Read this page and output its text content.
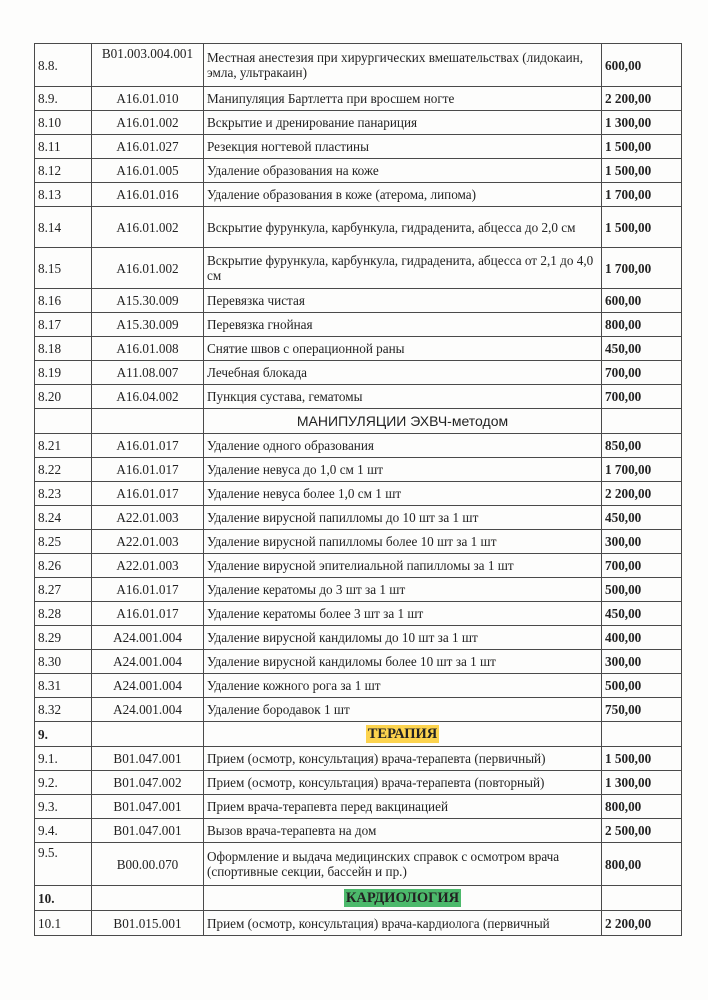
8.8.	B01.003.004.001	Местная анестезия при хирургических вмешательствах (лидокаин, эмла, ультракаин)	600,00
8.9.	A16.01.010	Манипуляция Бартлетта при вросшем ногте	2 200,00
8.10	A16.01.002	Вскрытие и дренирование панариция	1 300,00
8.11	A16.01.027	Резекция ногтевой пластины	1 500,00
8.12	A16.01.005	Удаление образования на коже	1 500,00
8.13	A16.01.016	Удаление образования в коже (атерома, липома)	1 700,00
8.14	A16.01.002	Вскрытие фурункула, карбункула, гидраденита, абцесса до 2,0 см	1 500,00
8.15	A16.01.002	Вскрытие фурункула, карбункула, гидраденита, абцесса от 2,1 до 4,0 см	1 700,00
8.16	A15.30.009	Перевязка чистая	600,00
8.17	A15.30.009	Перевязка гнойная	800,00
8.18	A16.01.008	Снятие швов с операционной раны	450,00
8.19	A11.08.007	Лечебная блокада	700,00
8.20	A16.04.002	Пункция сустава, гематомы	700,00
		МАНИПУЛЯЦИИ ЭХВЧ-методом	
8.21	A16.01.017	Удаление одного образования	850,00
8.22	A16.01.017	Удаление невуса до 1,0 см 1 шт	1 700,00
8.23	A16.01.017	Удаление невуса более 1,0 см 1 шт	2 200,00
8.24	A22.01.003	Удаление вирусной папилломы до 10 шт за 1 шт	450,00
8.25	A22.01.003	Удаление вирусной папилломы более 10 шт за 1 шт	300,00
8.26	A22.01.003	Удаление вирусной эпителиальной папилломы за 1 шт	700,00
8.27	A16.01.017	Удаление кератомы до 3 шт за 1 шт	500,00
8.28	A16.01.017	Удаление кератомы более 3 шт за 1 шт	450,00
8.29	A24.001.004	Удаление вирусной кандиломы до 10 шт за 1 шт	400,00
8.30	A24.001.004	Удаление вирусной кандиломы более 10 шт за 1 шт	300,00
8.31	A24.001.004	Удаление кожного рога за 1 шт	500,00
8.32	A24.001.004	Удаление бородавок 1 шт	750,00
9.		ТЕРАПИЯ	
9.1.	B01.047.001	Прием (осмотр, консультация) врача-терапевта (первичный)	1 500,00
9.2.	B01.047.002	Прием (осмотр, консультация) врача-терапевта (повторный)	1 300,00
9.3.	B01.047.001	Прием врача-терапевта перед вакцинацией	800,00
9.4.	B01.047.001	Вызов врача-терапевта на дом	2 500,00
9.5.	B00.00.070	Оформление и выдача медицинских справок с осмотром врача (спортивные секции, бассейн и пр.)	800,00
10.		КАРДИОЛОГИЯ	
10.1	B01.015.001	Прием (осмотр, консультация) врача-кардиолога (первичный	2 200,00
